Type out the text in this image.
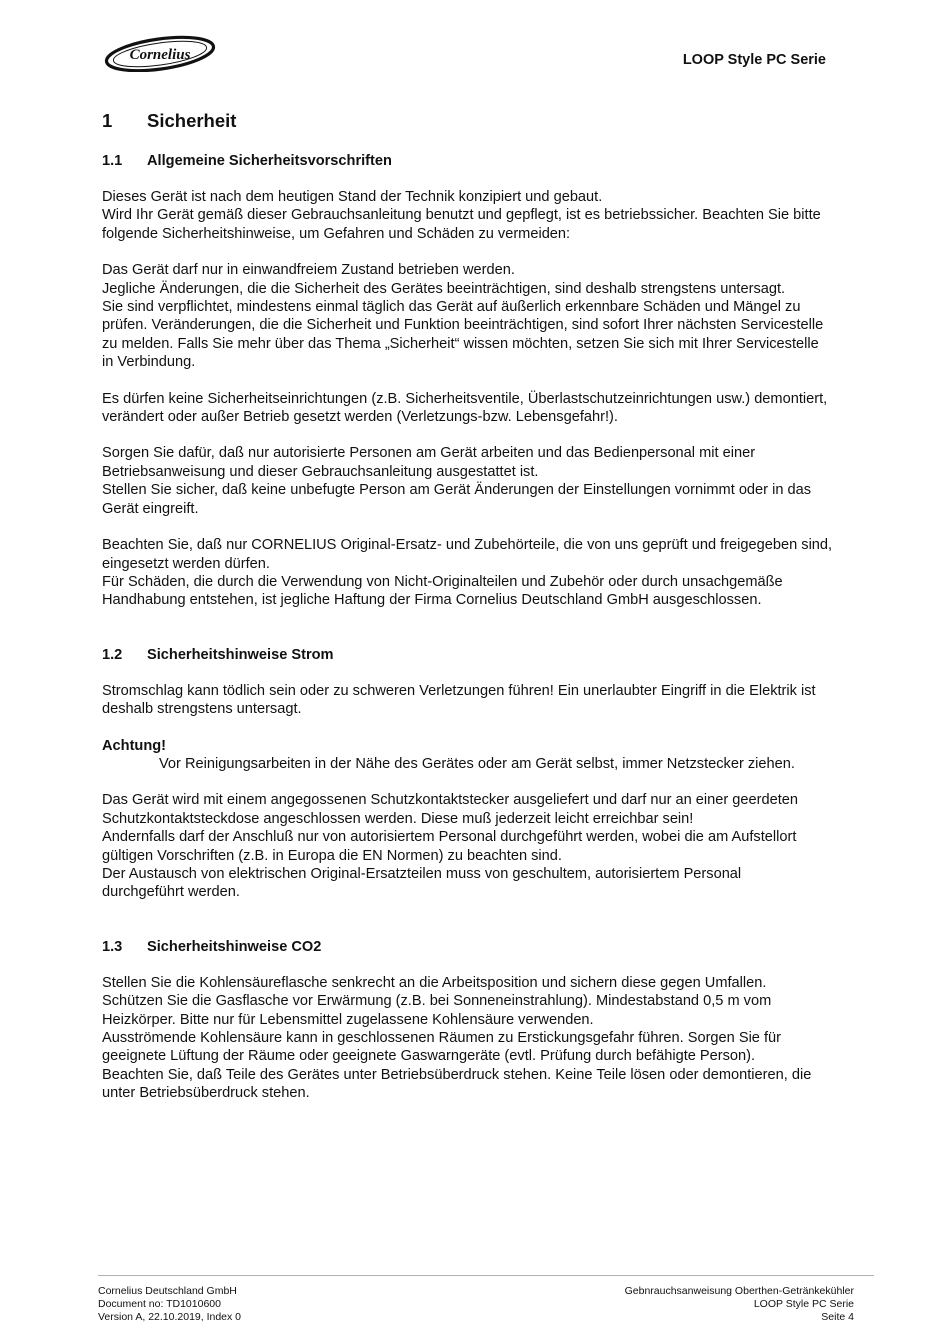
Cornelius	LOOP Style PC Serie
1	Sicherheit
1.1	Allgemeine Sicherheitsvorschriften
Dieses Gerät ist nach dem heutigen Stand der Technik konzipiert und gebaut.
Wird Ihr Gerät gemäß dieser Gebrauchsanleitung benutzt und gepflegt, ist es betriebssicher. Beachten Sie bitte
folgende Sicherheitshinweise, um Gefahren und Schäden zu vermeiden:
Das Gerät darf nur in einwandfreiem Zustand betrieben werden.
Jegliche Änderungen, die die Sicherheit des Gerätes beeinträchtigen, sind deshalb strengstens untersagt.
Sie sind verpflichtet, mindestens einmal täglich das Gerät auf äußerlich erkennbare Schäden und Mängel zu
prüfen. Veränderungen, die die Sicherheit und Funktion beeinträchtigen, sind sofort Ihrer nächsten Servicestelle
zu melden. Falls Sie mehr über das Thema „Sicherheit“ wissen möchten, setzen Sie sich mit Ihrer Servicestelle
in Verbindung.
Es dürfen keine Sicherheitseinrichtungen (z.B. Sicherheitsventile, Überlastschutzeinrichtungen usw.) demontiert,
verändert oder außer Betrieb gesetzt werden (Verletzungs-bzw. Lebensgefahr!).
Sorgen Sie dafür, daß nur autorisierte Personen am Gerät arbeiten und das Bedienpersonal mit einer
Betriebsanweisung und dieser Gebrauchsanleitung ausgestattet ist.
Stellen Sie sicher, daß keine unbefugte Person am Gerät Änderungen der Einstellungen vornimmt oder in das
Gerät eingreift.
Beachten Sie, daß nur CORNELIUS Original-Ersatz- und Zubehörteile, die von uns geprüft und freigegeben sind,
eingesetzt werden dürfen.
Für Schäden, die durch die Verwendung von Nicht-Originalteilen und Zubehör oder durch unsachgemäße
Handhabung entstehen, ist jegliche Haftung der Firma Cornelius Deutschland GmbH ausgeschlossen.
1.2	Sicherheitshinweise Strom
Stromschlag kann tödlich sein oder zu schweren Verletzungen führen! Ein unerlaubter Eingriff in die Elektrik ist
deshalb strengstens untersagt.
Achtung!
Vor Reinigungsarbeiten in der Nähe des Gerätes oder am Gerät selbst, immer Netzstecker ziehen.
Das Gerät wird mit einem angegossenen Schutzkontaktstecker ausgeliefert und darf nur an einer geerdeten
Schutzkontaktsteckdose angeschlossen werden. Diese muß jederzeit leicht erreichbar sein!
Andernfalls darf der Anschluß nur von autorisiertem Personal durchgeführt werden, wobei die am Aufstellort
gültigen Vorschriften (z.B. in Europa die EN Normen) zu beachten sind.
Der Austausch von elektrischen Original-Ersatzteilen muss von geschultem, autorisiertem Personal
durchgeführt werden.
1.3	Sicherheitshinweise CO2
Stellen Sie die Kohlensäureflasche senkrecht an die Arbeitsposition und sichern diese gegen Umfallen.
Schützen Sie die Gasflasche vor Erwärmung (z.B. bei Sonneneinstrahlung). Mindestabstand 0,5 m vom
Heizkörper. Bitte nur für Lebensmittel zugelassene Kohlensäure verwenden.
Ausströmende Kohlensäure kann in geschlossenen Räumen zu Erstickungsgefahr führen. Sorgen Sie für
geeignete Lüftung der Räume oder geeignete Gaswarngeräte (evtl. Prüfung durch befähigte Person).
Beachten Sie, daß Teile des Gerätes unter Betriebsüberdruck stehen. Keine Teile lösen oder demontieren, die
unter Betriebsüberdruck stehen.
Cornelius Deutschland GmbH
Document no: TD1010600
Version A, 22.10.2019, Index 0
Gebnrauchsanweisung Oberthen-Getränkekühler
LOOP Style PC Serie
Seite 4
